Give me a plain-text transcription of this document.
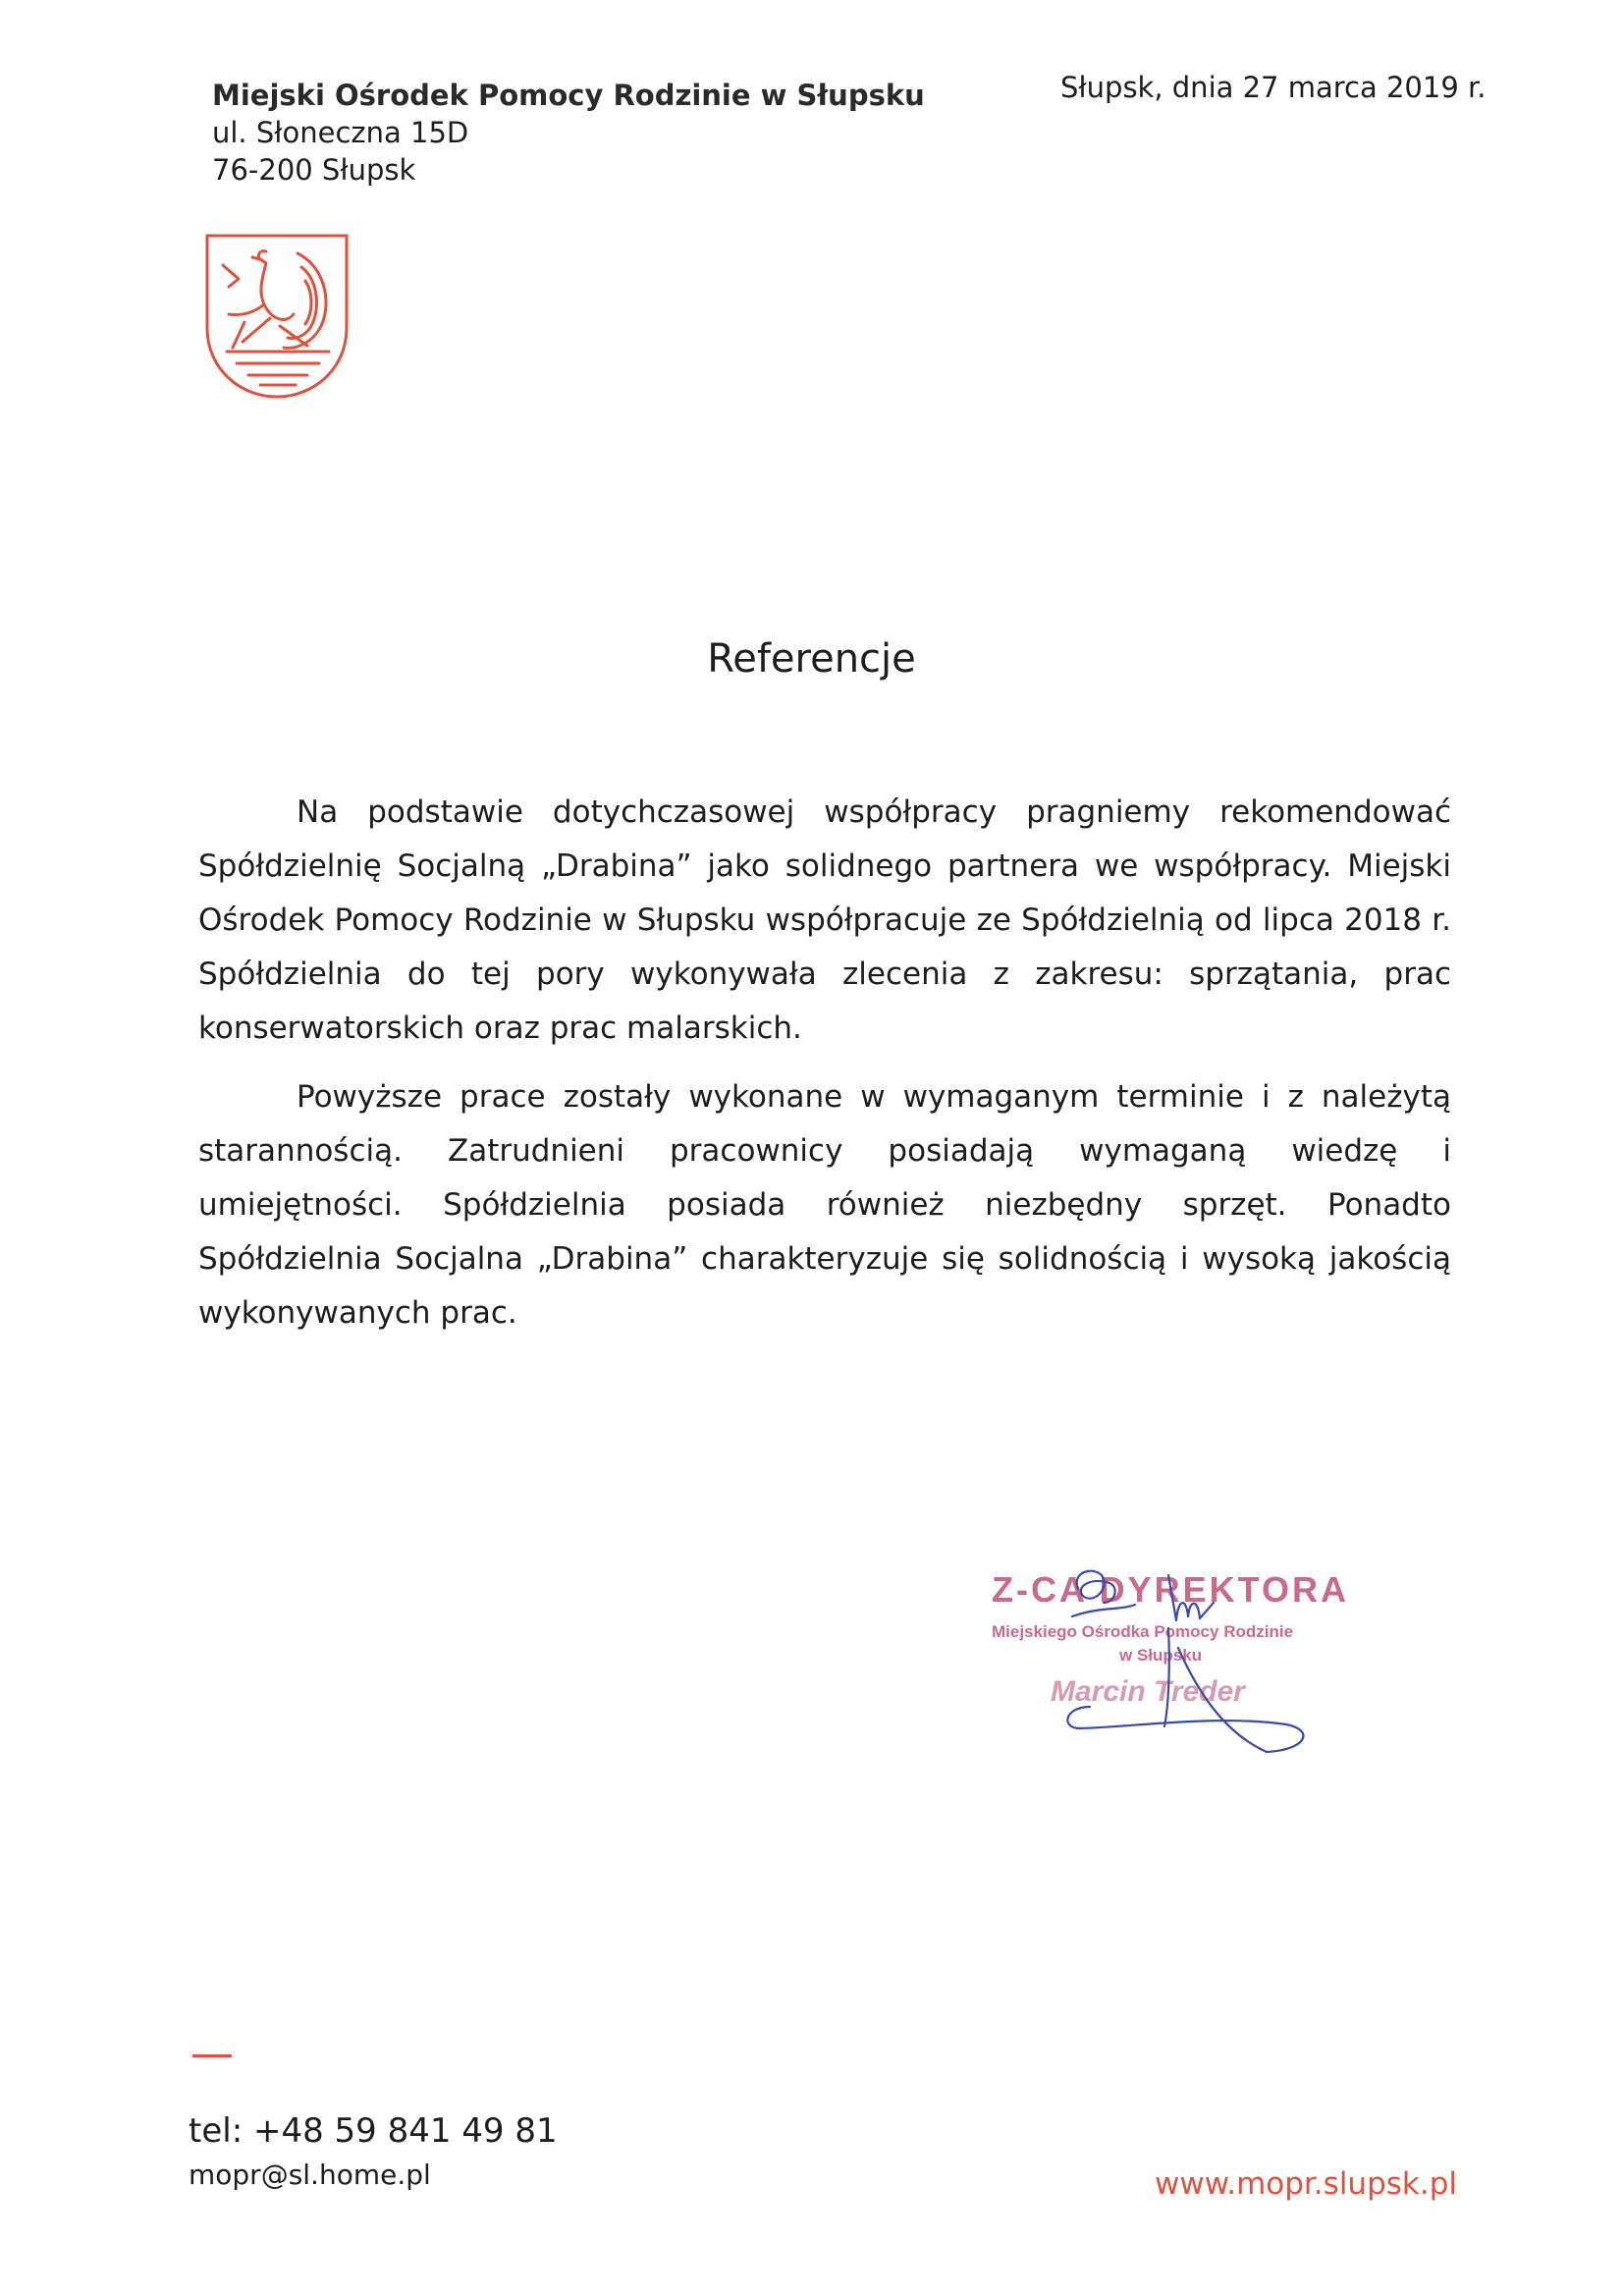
Miejski Ośrodek Pomocy Rodzinie w Słupsku
ul. Słoneczna 15D
76-200 Słupsk
Słupsk, dnia 27 marca 2019 r.
Referencje

Na podstawie dotychczasowej współpracy pragniemy rekomendować Spółdzielnię Socjalną „Drabina” jako solidnego partnera we współpracy. Miejski Ośrodek Pomocy Rodzinie w Słupsku współpracuje ze Spółdzielnią od lipca 2018 r. Spółdzielnia do tej pory wykonywała zlecenia z zakresu: sprzątania, prac konserwatorskich oraz prac malarskich.

Powyższe prace zostały wykonane w wymaganym terminie i z należytą starannością. Zatrudnieni pracownicy posiadają wymaganą wiedzę i umiejętności. Spółdzielnia posiada również niezbędny sprzęt. Ponadto Spółdzielnia Socjalna „Drabina” charakteryzuje się solidnością i wysoką jakością wykonywanych prac.

Z-CA DYREKTORA
Miejskiego Ośrodka Pomocy Rodzinie
w Słupsku
Marcin Treder
tel: +48 59 841 49 81
mopr@sl.home.pl	www.mopr.slupsk.pl
